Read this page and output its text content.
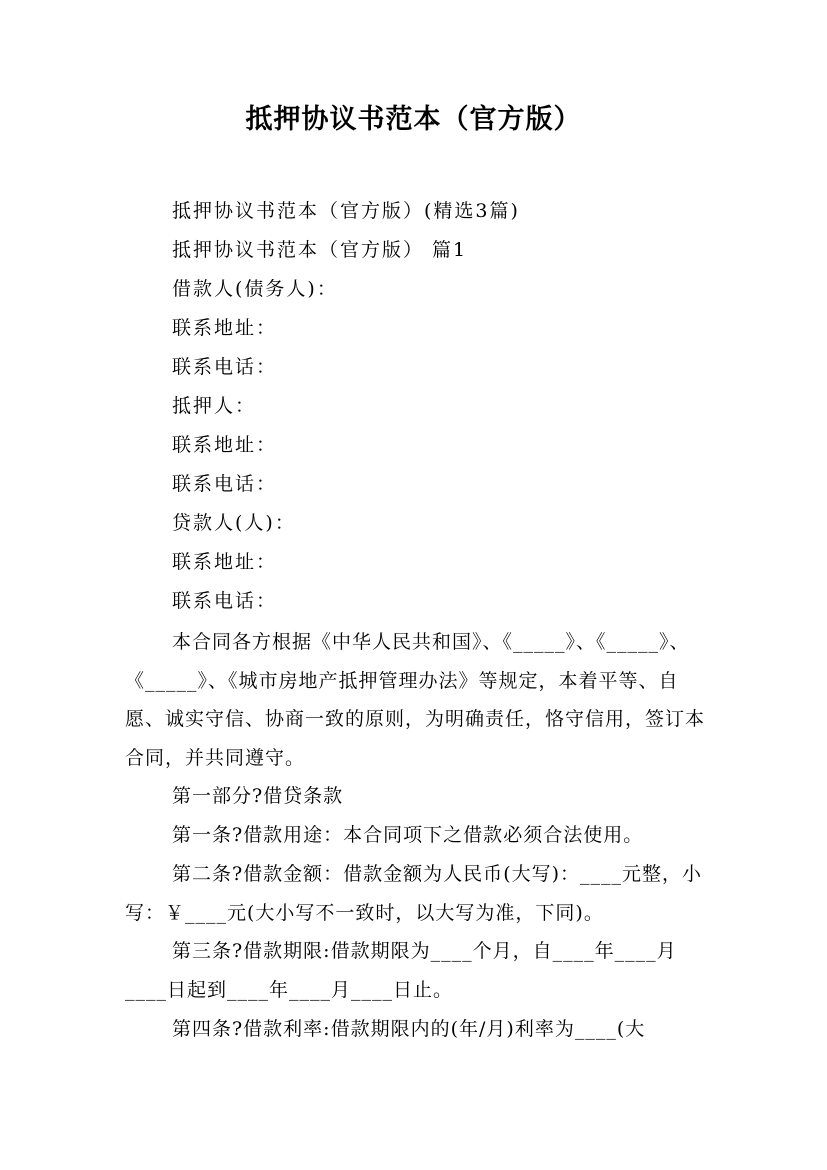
抵押协议书范本（官方版）
抵押协议书范本（官方版）(精选3篇)
抵押协议书范本（官方版） 篇1
借款人(债务人)：
联系地址：
联系电话：
抵押人：
联系地址：
联系电话：
贷款人(人)：
联系地址：
联系电话：
本合同各方根据《中华人民共和国》、《_____》、《_____》、《_____》、《城市房地产抵押管理办法》等规定，本着平等、自愿、诚实守信、协商一致的原则，为明确责任，恪守信用，签订本合同，并共同遵守。
第一部分?借贷条款
第一条?借款用途：本合同项下之借款必须合法使用。
第二条?借款金额：借款金额为人民币(大写)：____元整，小写：￥____元(大小写不一致时，以大写为准，下同)。
第三条?借款期限:借款期限为____个月，自____年____月____日起到____年____月____日止。
第四条?借款利率:借款期限内的(年/月)利率为____(大
